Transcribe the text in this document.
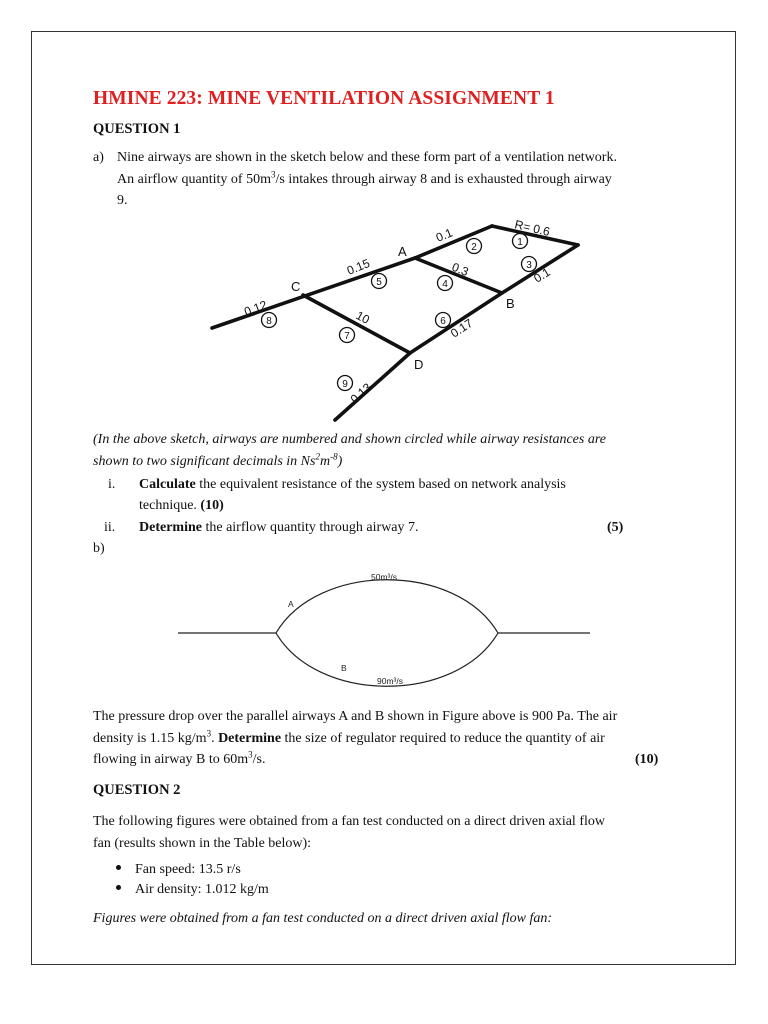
HMINE 223: MINE VENTILATION ASSIGNMENT 1
QUESTION 1
a) Nine airways are shown in the sketch below and these form part of a ventilation network.
An airflow quantity of $50m^3/s$ intakes through airway 8 and is exhausted through airway
9.
A
B
C
D
1
2
3
4
5
6
7
8
9
R= 0.6
0.1
0.1
0.3
0.15
0.17
10
0.12
0.13
(In the above sketch, airways are numbered and shown circled while airway resistances are
shown to two significant decimals in $Ns^2m^{-8}$)
i. Calculate the equivalent resistance of the system based on network analysis
technique. (10)
ii. Determine the airflow quantity through airway 7.	(5)
b)
A
B
50m³/s
90m³/s
The pressure drop over the parallel airways A and B shown in Figure above is 900 Pa. The air
density is 1.15 $kg/m^3$. Determine the size of regulator required to reduce the quantity of air
flowing in airway B to $60m^3/s$.	(10)
QUESTION 2
The following figures were obtained from a fan test conducted on a direct driven axial flow
fan (results shown in the Table below):
Fan speed: 13.5 r/s
Air density: 1.012 kg/m
Figures were obtained from a fan test conducted on a direct driven axial flow fan:
